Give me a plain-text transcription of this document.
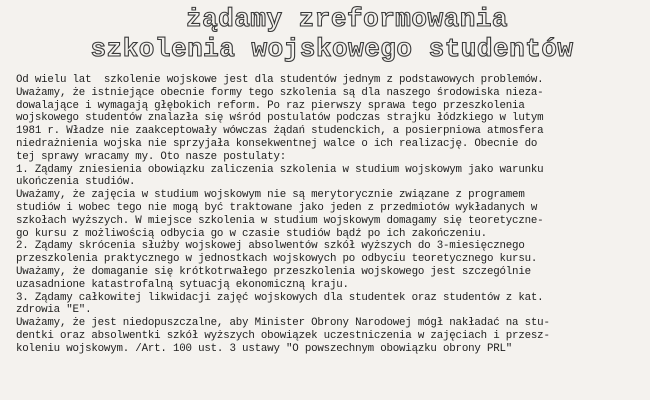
żądamy zreformowania
szkolenia wojskowego studentów
Od wielu lat  szkolenie wojskowe jest dla studentów jednym z podstawowych problemów.
Uważamy, że istniejące obecnie formy tego szkolenia są dla naszego środowiska nieza-
dowalające i wymagają głębokich reform. Po raz pierwszy sprawa tego przeszkolenia
wojskowego studentów znalazła się wśród postulatów podczas strajku łódzkiego w lutym
1981 r. Władze nie zaakceptowały wówczas żądań studenckich, a posierpniowa atmosfera
niedrażnienia wojska nie sprzyjała konsekwentnej walce o ich realizację. Obecnie do
tej sprawy wracamy my. Oto nasze postulaty:
1. Żądamy zniesienia obowiązku zaliczenia szkolenia w studium wojskowym jako warunku
ukończenia studiów.
Uważamy, że zajęcia w studium wojskowym nie są merytorycznie związane z programem
studiów i wobec tego nie mogą być traktowane jako jeden z przedmiotów wykładanych w
szkołach wyższych. W miejsce szkolenia w studium wojskowym domagamy się teoretyczne-
go kursu z możliwością odbycia go w czasie studiów bądź po ich zakończeniu.
2. Żądamy skrócenia służby wojskowej absolwentów szkół wyższych do 3-miesięcznego
przeszkolenia praktycznego w jednostkach wojskowych po odbyciu teoretycznego kursu.
Uważamy, że domaganie się krótkotrwałego przeszkolenia wojskowego jest szczególnie
uzasadnione katastrofalną sytuacją ekonomiczną kraju.
3. Żądamy całkowitej likwidacji zajęć wojskowych dla studentek oraz studentów z kat.
zdrowia "E".
Uważamy, że jest niedopuszczalne, aby Minister Obrony Narodowej mógł nakładać na stu-
dentki oraz absolwentki szkół wyższych obowiązek uczestniczenia w zajęciach i przesz-
koleniu wojskowym. /Art. 100 ust. 3 ustawy "O powszechnym obowiązku obrony PRL"
